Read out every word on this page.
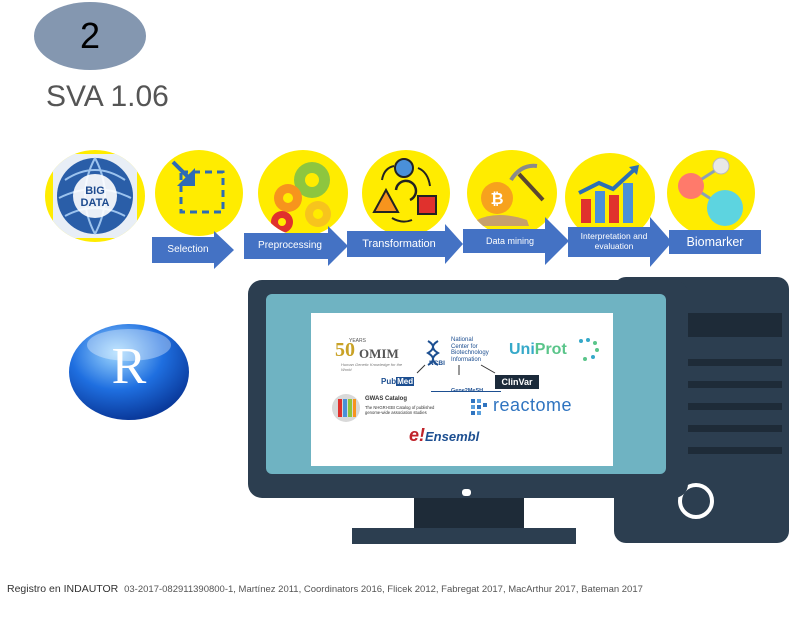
2
SVA 1.06
BIG
DATA	₿
Selection	Preprocessing	Transformation	Data mining	Interpretation and evaluation	Biomarker
R	50
YEARS
OMIM
Human Genetic Knowledge for the World
NCBI
National
Center for
Biotechnology
Information
UniProt
PubMed
Gene2MeSH
ClinVar
GWAS Catalog
The NHGRI-EBI Catalog of published genome-wide association studies	reactome
e!Ensembl
Registro en INDAUTOR 03-2017-082911390800-1, Martínez 2011, Coordinators 2016, Flicek 2012, Fabregat 2017, MacArthur 2017, Bateman 2017
